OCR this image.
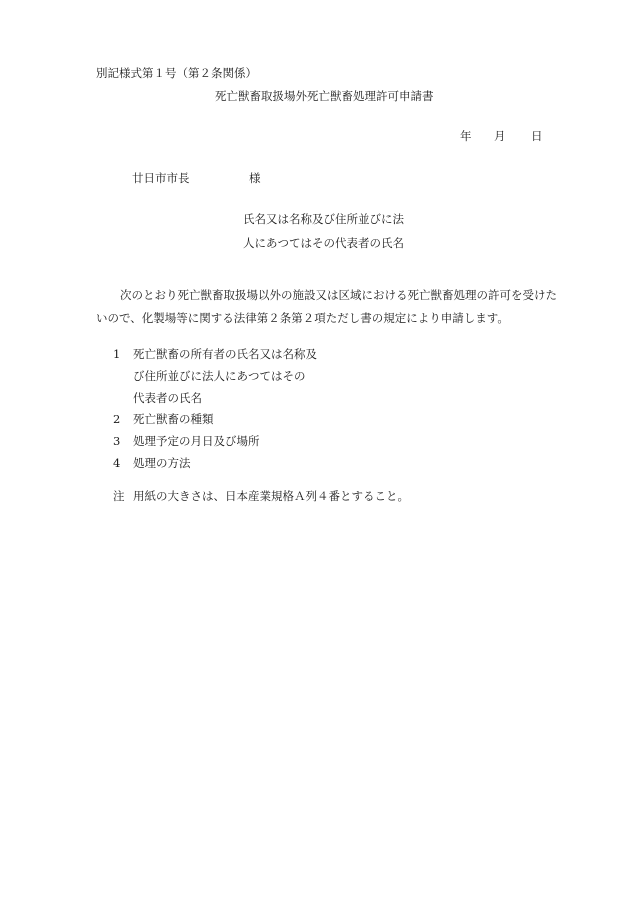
別記様式第１号（第２条関係）
死亡獣畜取扱場外死亡獣畜処理許可申請書
年 月 日
廿日市市長	様
氏名又は名称及び住所並びに法
人にあつてはその代表者の氏名
次のとおり死亡獣畜取扱場以外の施設又は区域における死亡獣畜処理の許可を受けた
いので、化製場等に関する法律第２条第２項ただし書の規定により申請します。
1 死亡獣畜の所有者の氏名又は名称及
び住所並びに法人にあつてはその
代表者の氏名
2 死亡獣畜の種類
3 処理予定の月日及び場所
4 処理の方法
注 用紙の大きさは、日本産業規格Ａ列４番とすること。
